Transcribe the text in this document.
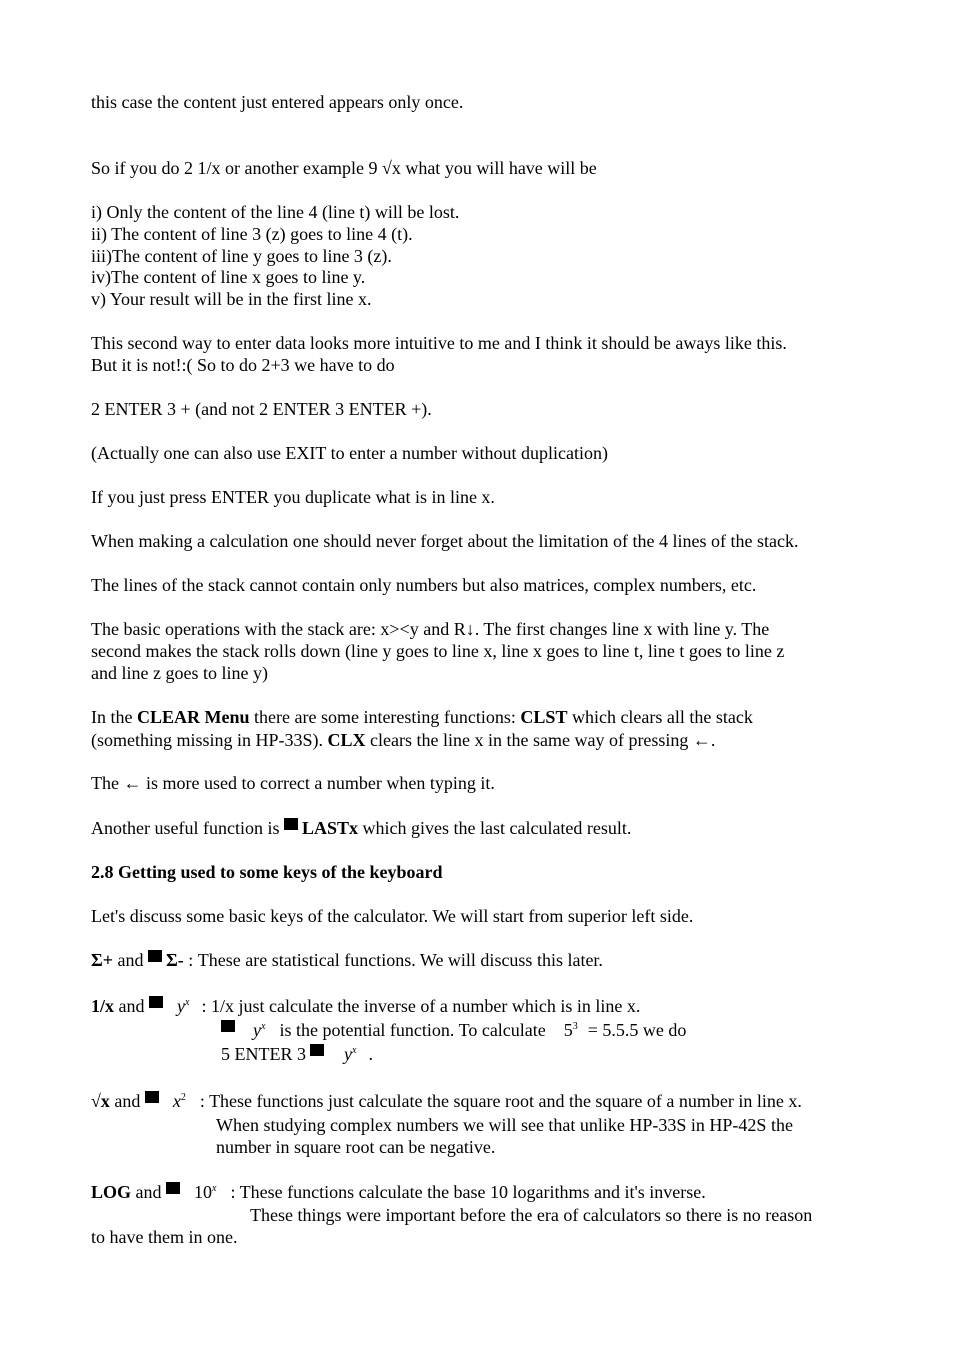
this case the content just entered appears only once.
So if you do 2 1/x or another example 9 √x what you will have will be
i) Only the content of the line 4 (line t) will be lost.
ii) The content of line 3 (z) goes to line 4 (t).
iii)The content of line y goes to line 3 (z).
iv)The content of line x goes to line y.
v) Your result will be in the first line x.
This second way to enter data looks more intuitive to me and I think it should be aways like this.
But it is not!:( So to do 2+3 we have to do
2 ENTER 3 + (and not 2 ENTER 3 ENTER +).
(Actually one can also use EXIT to enter a number without duplication)
If you just press ENTER you duplicate what is in line x.
When making a calculation one should never forget about the limitation of the 4 lines of the stack.
The lines of the stack cannot contain only numbers but also matrices, complex numbers, etc.
The basic operations with the stack are: x><y and R↓. The first changes line x with line y. The
second makes the stack rolls down (line y goes to line x, line x goes to line t, line t goes to line z
and line z goes to line y)
In the CLEAR Menu there are some interesting functions: CLST which clears all the stack
(something missing in HP-33S). CLX clears the line x in the same way of pressing ←.
The ← is more used to correct a number when typing it.
Another useful function is LASTx which gives the last calculated result.
2.8 Getting used to some keys of the keyboard
Let's discuss some basic keys of the calculator. We will start from superior left side.
Σ+ and Σ- : These are statistical functions. We will discuss this later.
1/x and $y^x$ : 1/x just calculate the inverse of a number which is in line x.
$y^x$ is the potential function. To calculate $5^3 = 5.5.5$ we do
5 ENTER 3 $y^x$ .
√x and $x^2$ : These functions just calculate the square root and the square of a number in line x.
When studying complex numbers we will see that unlike HP-33S in HP-42S the
number in square root can be negative.
LOG and 10$^x$ : These functions calculate the base 10 logarithms and it's inverse.
These things were important before the era of calculators so there is no reason
to have them in one.
